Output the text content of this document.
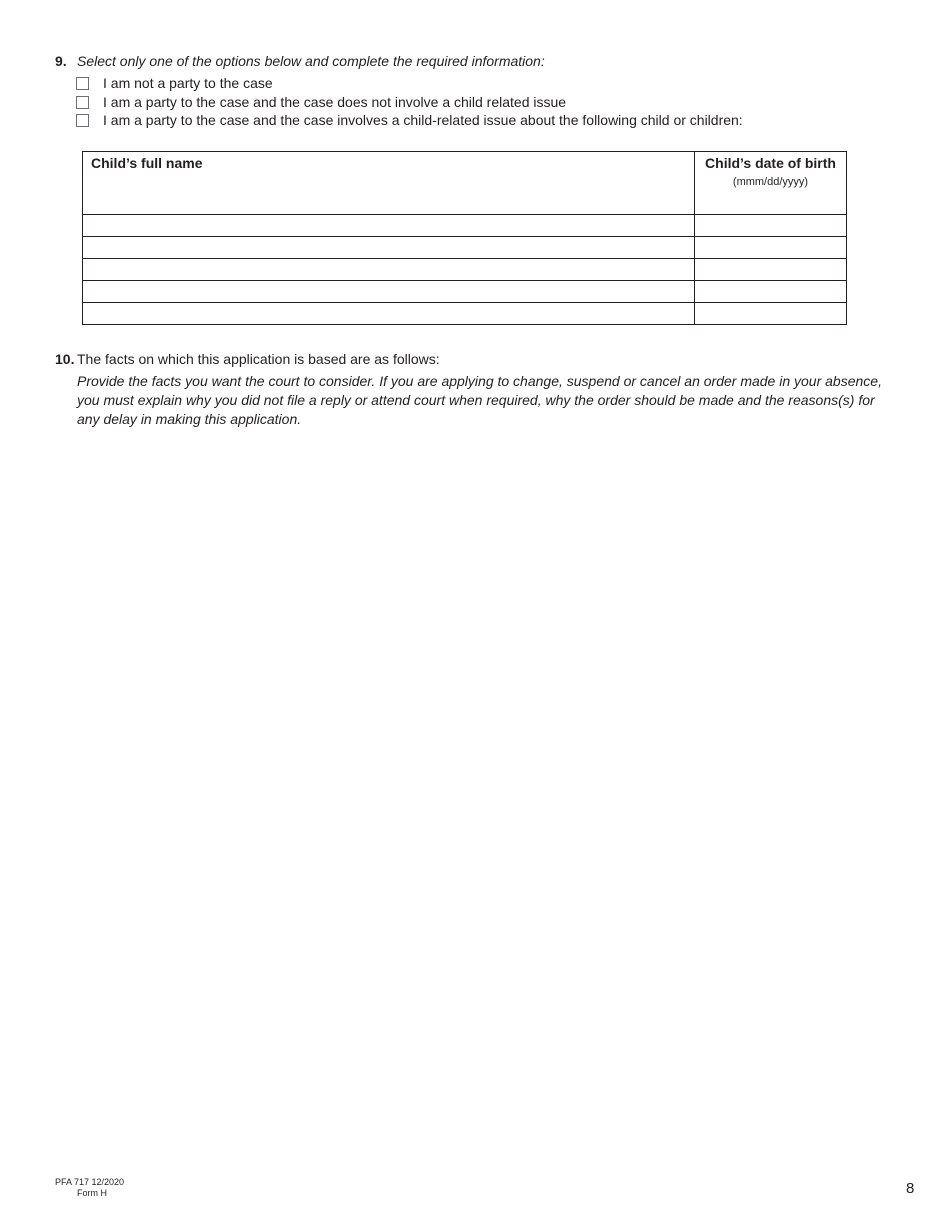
9. Select only one of the options below and complete the required information:
I am not a party to the case
I am a party to the case and the case does not involve a child related issue
I am a party to the case and the case involves a child-related issue about the following child or children:
Child’s full name	Child’s date of birth
(mmm/dd/yyyy)

10. The facts on which this application is based are as follows:
Provide the facts you want the court to consider. If you are applying to change, suspend or cancel an order made in your absence, you must explain why you did not file a reply or attend court when required, why the order should be made and the reasons(s) for any delay in making this application.
PFA 717 12/2020
Form H	8
